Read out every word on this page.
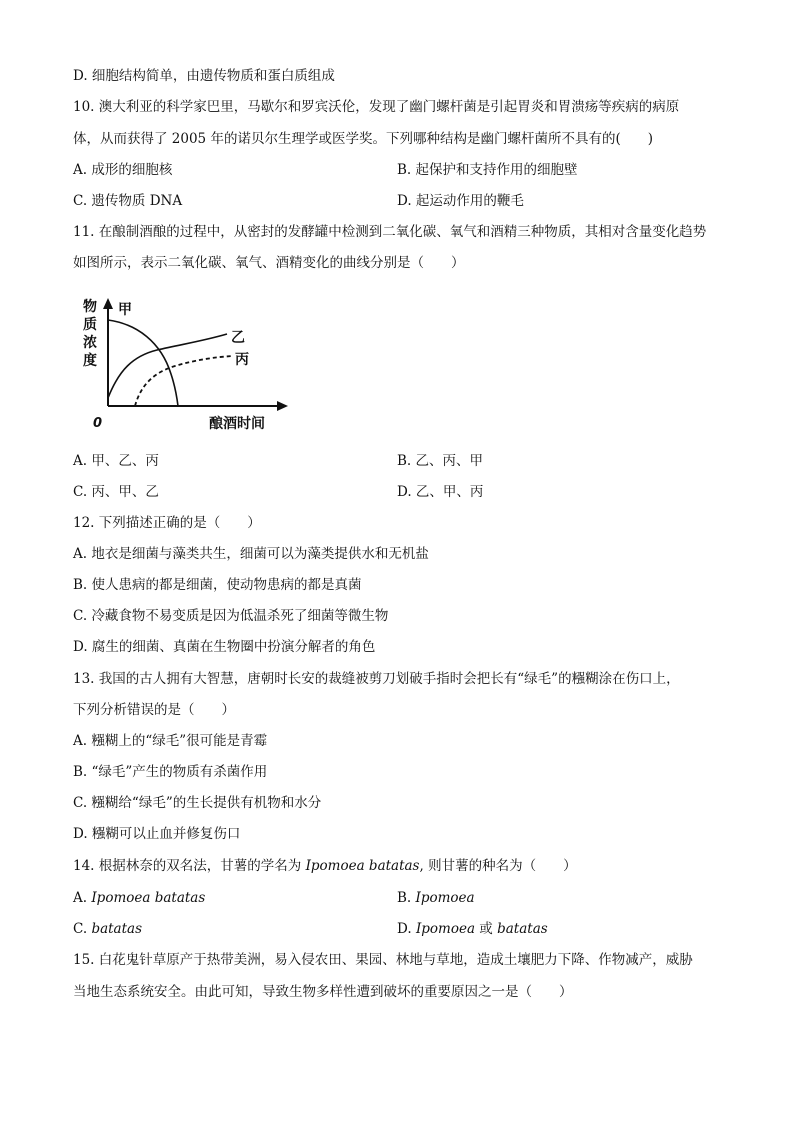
D. 细胞结构简单，由遗传物质和蛋白质组成
10. 澳大利亚的科学家巴里，马歇尔和罗宾沃伦，发现了幽门螺杆菌是引起胃炎和胃溃疡等疾病的病原
体，从而获得了 2005 年的诺贝尔生理学或医学奖。下列哪种结构是幽门螺杆菌所不具有的(　　)
A. 成形的细胞核	B. 起保护和支持作用的细胞壁
C. 遗传物质 DNA	D. 起运动作用的鞭毛
11. 在酿制酒酿的过程中，从密封的发酵罐中检测到二氧化碳、氧气和酒精三种物质，其相对含量变化趋势
如图所示，表示二氧化碳、氧气、酒精变化的曲线分别是（　　）
物
质
浓
度
甲
乙
丙
0	酿酒时间
A. 甲、乙、丙	B. 乙、丙、甲
C. 丙、甲、乙	D. 乙、甲、丙
12. 下列描述正确的是（　　）
A. 地衣是细菌与藻类共生，细菌可以为藻类提供水和无机盐
B. 使人患病的都是细菌，使动物患病的都是真菌
C. 冷藏食物不易变质是因为低温杀死了细菌等微生物
D. 腐生的细菌、真菌在生物圈中扮演分解者的角色
13. 我国的古人拥有大智慧，唐朝时长安的裁缝被剪刀划破手指时会把长有“绿毛”的糨糊涂在伤口上，
下列分析错误的是（　　）
A. 糨糊上的“绿毛”很可能是青霉
B. “绿毛”产生的物质有杀菌作用
C. 糨糊给“绿毛”的生长提供有机物和水分
D. 糨糊可以止血并修复伤口
14. 根据林奈的双名法，甘薯的学名为 Ipomoea batatas, 则甘薯的种名为（　　）
A. Ipomoea batatas	B. Ipomoea
C. batatas	D. Ipomoea 或 batatas
15. 白花鬼针草原产于热带美洲，易入侵农田、果园、林地与草地，造成土壤肥力下降、作物减产，威胁
当地生态系统安全。由此可知，导致生物多样性遭到破坏的重要原因之一是（　　）
